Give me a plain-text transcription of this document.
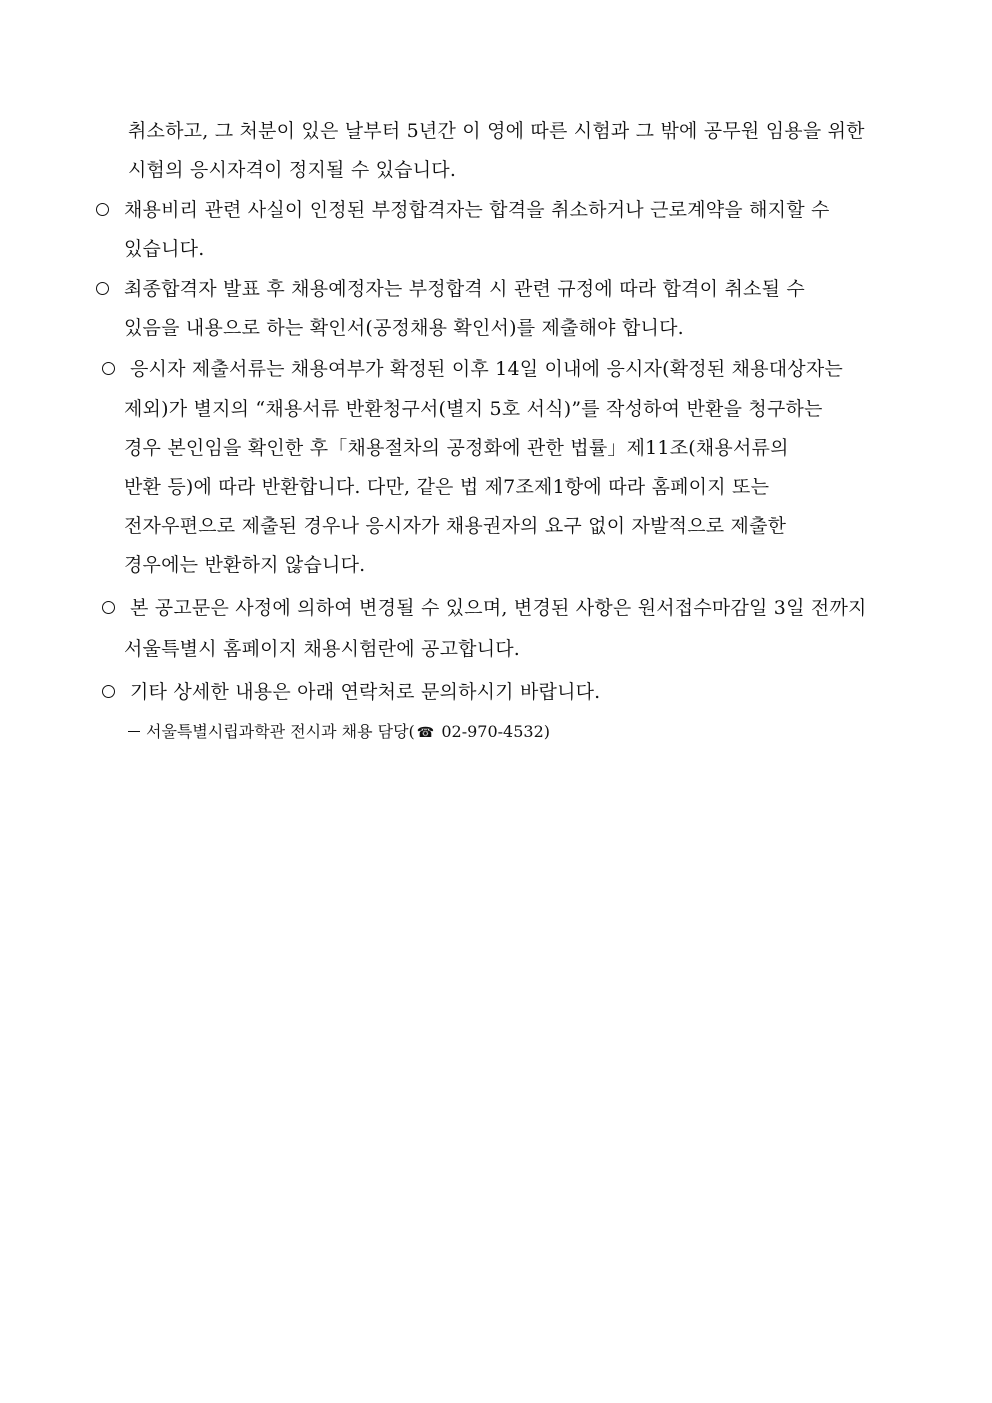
취소하고, 그 처분이 있은 날부터 5년간 이 영에 따른 시험과 그 밖에 공무원 임용을 위한
시험의 응시자격이 정지될 수 있습니다.
채용비리 관련 사실이 인정된 부정합격자는 합격을 취소하거나 근로계약을 해지할 수
있습니다.
최종합격자 발표 후 채용예정자는 부정합격 시 관련 규정에 따라 합격이 취소될 수
있음을 내용으로 하는 확인서(공정채용 확인서)를 제출해야 합니다.
응시자 제출서류는 채용여부가 확정된 이후 14일 이내에 응시자(확정된 채용대상자는
제외)가 별지의 “채용서류 반환청구서(별지 5호 서식)”를 작성하여 반환을 청구하는
경우 본인임을 확인한 후「채용절차의 공정화에 관한 법률」제11조(채용서류의
반환 등)에 따라 반환합니다. 다만, 같은 법 제7조제1항에 따라 홈페이지 또는
전자우편으로 제출된 경우나 응시자가 채용권자의 요구 없이 자발적으로 제출한
경우에는 반환하지 않습니다.
본 공고문은 사정에 의하여 변경될 수 있으며, 변경된 사항은 원서접수마감일 3일 전까지
서울특별시 홈페이지 채용시험란에 공고합니다.
기타 상세한 내용은 아래 연락처로 문의하시기 바랍니다.
서울특별시립과학관 전시과 채용 담당( ☎ 02-970-4532)
